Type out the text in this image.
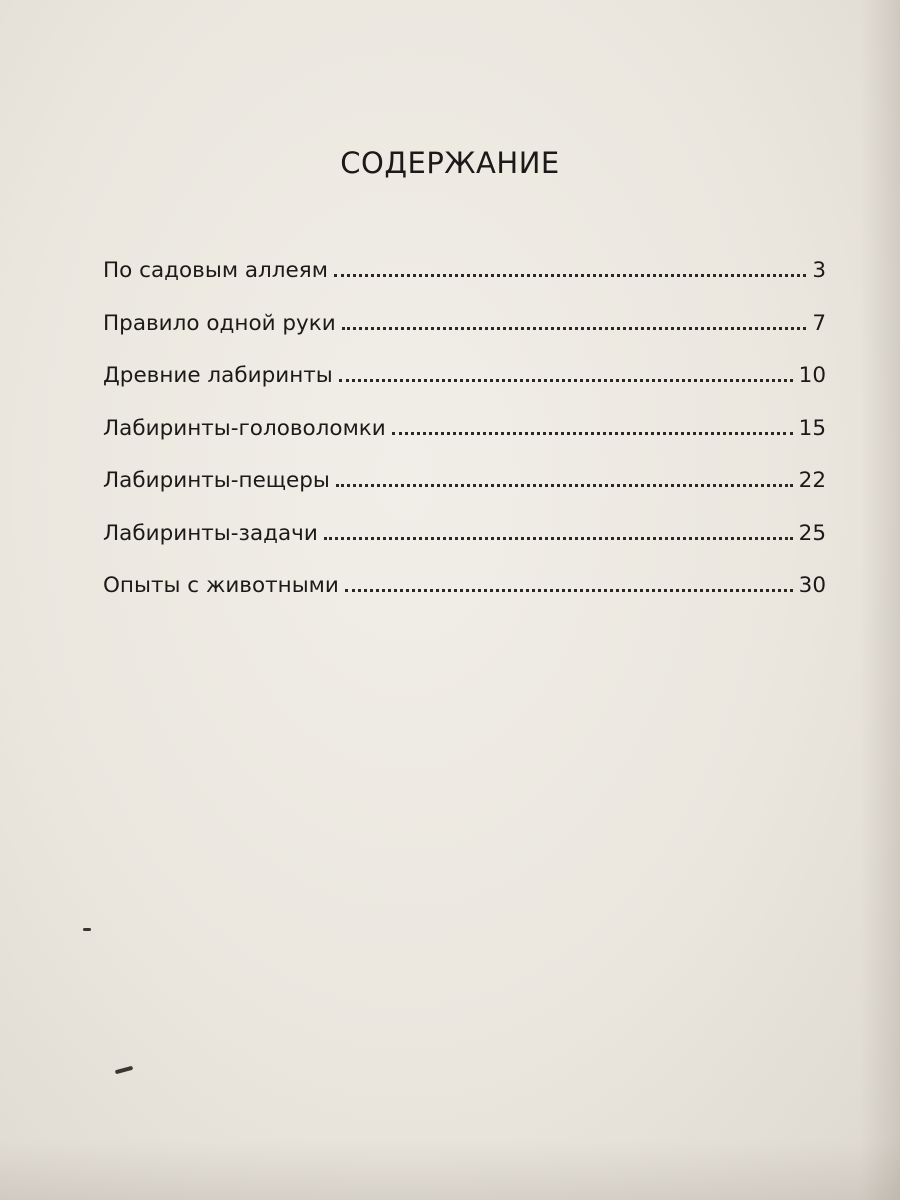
СОДЕРЖАНИЕ
По садовым аллеям	3
Правило одной руки	7
Древние лабиринты	10
Лабиринты-головоломки	15
Лабиринты-пещеры	22
Лабиринты-задачи	25
Опыты с животными	30
